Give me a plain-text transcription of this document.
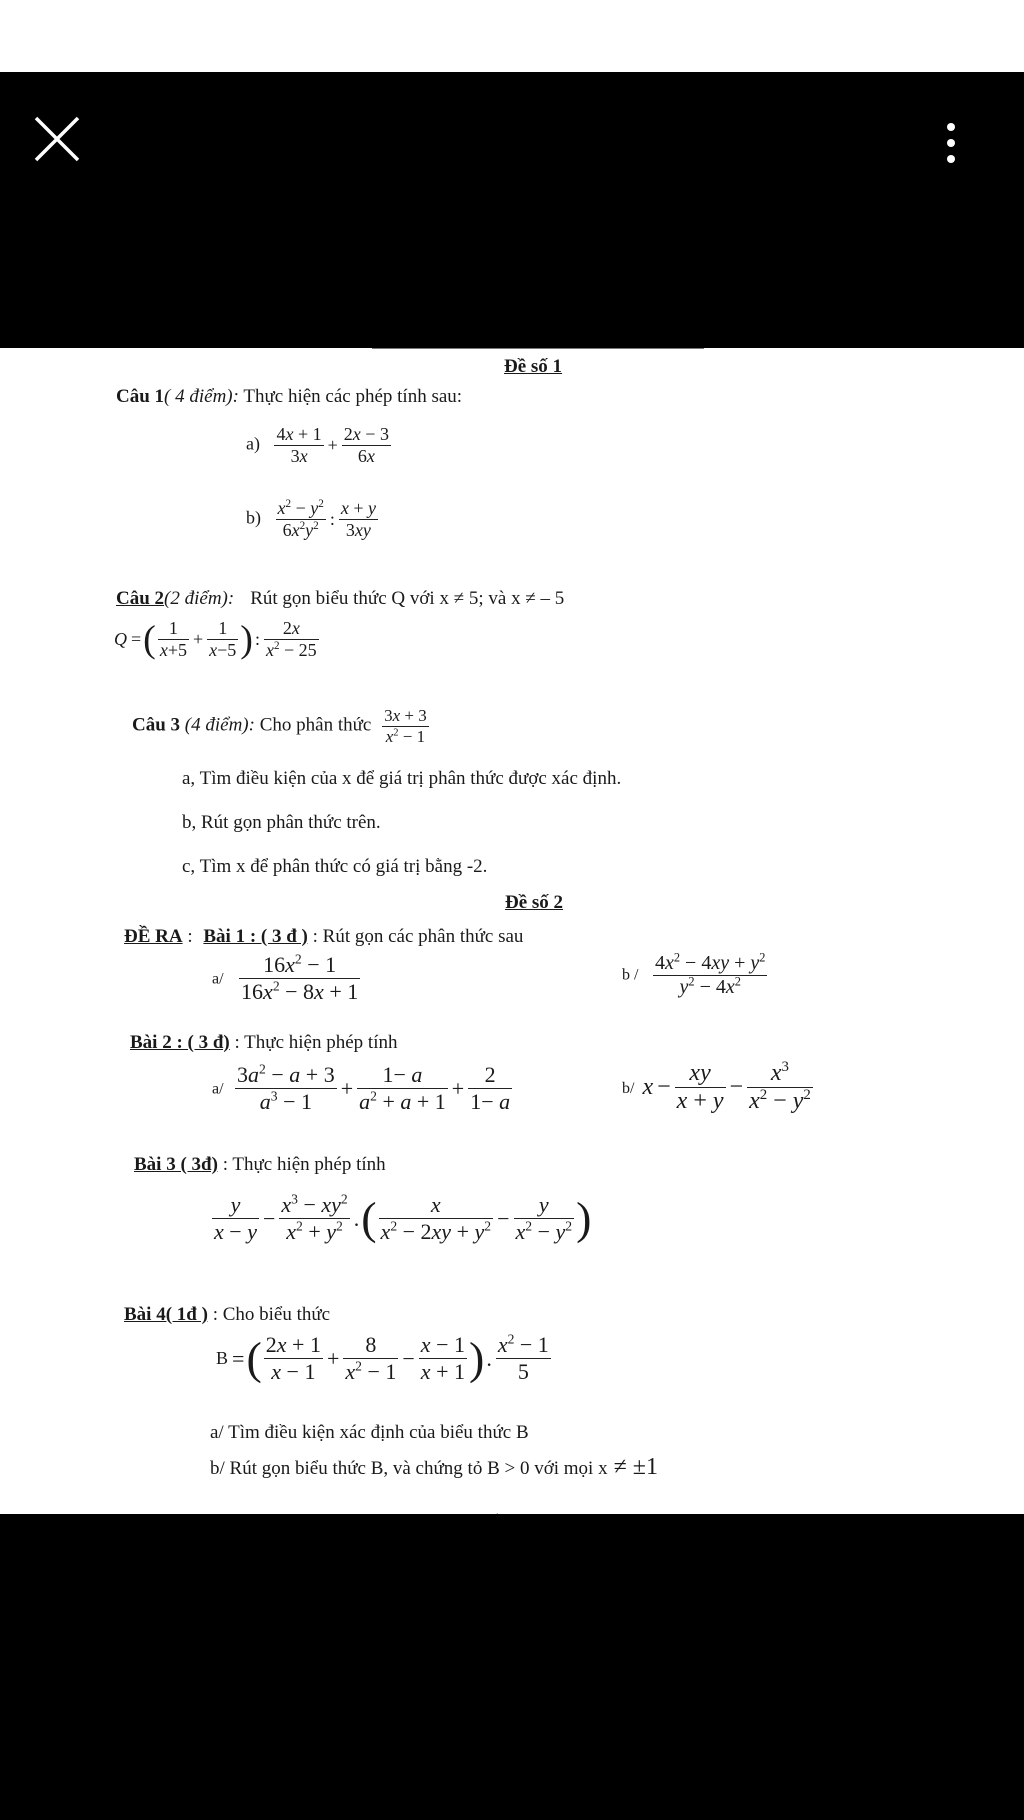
Đề số 1
Câu 1( 4 điểm): Thực hiện các phép tính sau:
$a) \frac{4x + 1}{3x} + \frac{2x - 3}{6x}$
$b) \frac{x^2 - y^2}{6x^2y^2}$ : $\frac{x + y}{3xy}$
Câu 2(2 điểm): Rút gọn biểu thức Q với x ≠ 5; và x ≠ – 5
Q =( $\frac{1}{x+5} + \frac{1}{x-5}$ ) : $\frac{2x}{x^2 - 25}$
Câu 3 (4 điểm): Cho phân thức $\frac{3x + 3}{x^2 - 1}$
a, Tìm điều kiện của x để giá trị phân thức được xác định.
b, Rút gọn phân thức trên.
c, Tìm x để phân thức có giá trị bằng -2.
Đề số 2
ĐỀ RA : Bài 1 : ( 3 đ ) : Rút gọn các phân thức sau
$a/ \frac{16x^2 - 1}{16x^2 - 8x + 1}$	b / $\frac{4x^2 - 4xy + y^2}{y^2 - 4x^2}$
Bài 2 : ( 3 đ) : Thực hiện phép tính
$a/ \frac{3a^2 - a + 3}{a^3 - 1} + \frac{1- a}{a^2 + a + 1} + \frac{2}{1- a}$	b/ $x - \frac{xy}{x + y} - \frac{x^3}{x^2 - y^2}$
Bài 3 ( 3đ) : Thực hiện phép tính
$\frac{y}{x - y} - \frac{x^3 - xy^2}{x^2 + y^2}$ .( $\frac{x}{x^2 - 2xy + y^2} - \frac{y}{x^2 - y^2}$ )
Bài 4( 1đ ) : Cho biểu thức
B =( $\frac{2x + 1}{x - 1} + \frac{8}{x^2 - 1} - \frac{x - 1}{x + 1}$ ). $\frac{x^2 - 1}{5}$
a/ Tìm điều kiện xác định của biểu thức B
b/ Rút gọn biểu thức B, và chứng tỏ B > 0 với mọi x ≠ ±1
